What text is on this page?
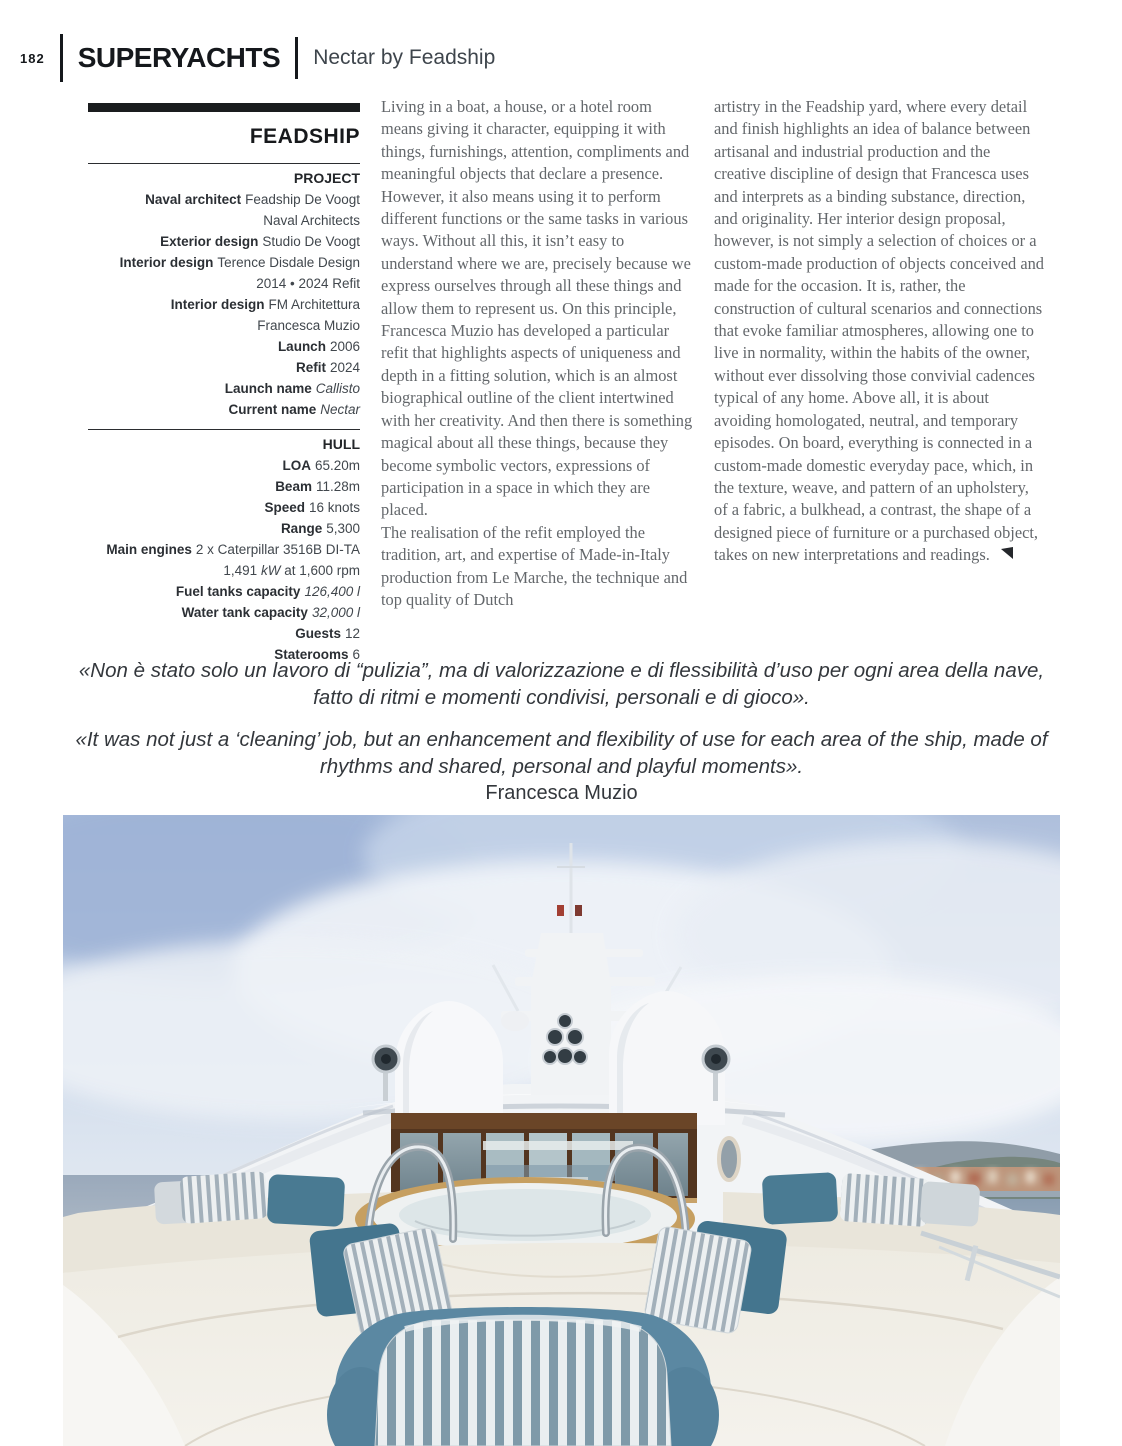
182 SUPERYACHTS Nectar by Feadship
FEADSHIP
PROJECT
Naval architect Feadship De Voogt
Naval Architects
Exterior design Studio De Voogt
Interior design Terence Disdale Design
2014 • 2024 Refit
Interior design FM Architettura
Francesca Muzio
Launch 2006
Refit 2024
Launch name Callisto
Current name Nectar
HULL
LOA 65.20m
Beam 11.28m
Speed 16 knots
Range 5,300
Main engines 2 x Caterpillar 3516B DI-TA
1,491 kW at 1,600 rpm
Fuel tanks capacity 126,400 l
Water tank capacity 32,000 l
Guests 12
Staterooms 6

Living in a boat, a house, or a hotel room means giving it character, equipping it with things, furnishings, attention, compliments and meaningful objects that declare a presence. However, it also means using it to perform different functions or the same tasks in various ways. Without all this, it isn’t easy to understand where we are, precisely because we express ourselves through all these things and allow them to represent us. On this principle, Francesca Muzio has developed a particular refit that highlights aspects of uniqueness and depth in a fitting solution, which is an almost biographical outline of the client intertwined with her creativity. And then there is something magical about all these things, because they become symbolic vectors, expressions of participation in a space in which they are placed.

The realisation of the refit employed the tradition, art, and expertise of Made-in-Italy production from Le Marche, the technique and top quality of Dutch

artistry in the Feadship yard, where every detail and finish highlights an idea of balance between artisanal and industrial production and the creative discipline of design that Francesca uses and interprets as a binding substance, direction, and originality. Her interior design proposal, however, is not simply a selection of choices or a custom-made production of objects conceived and made for the occasion. It is, rather, the construction of cultural scenarios and connections that evoke familiar atmospheres, allowing one to live in normality, within the habits of the owner, without ever dissolving those convivial cadences typical of any home. Above all, it is about avoiding homologated, neutral, and temporary episodes. On board, everything is connected in a custom-made domestic everyday pace, which, in the texture, weave, and pattern of an upholstery, of a fabric, a bulkhead, a contrast, the shape of a designed piece of furniture or a purchased object, takes on new interpretations and readings.

«Non è stato solo un lavoro di “pulizia”, ma di valorizzazione e di flessibilità d’uso per ogni area della nave, fatto di ritmi e momenti condivisi, personali e di gioco».

«It was not just a ‘cleaning’ job, but an enhancement and flexibility of use for each area of the ship, made of rhythms and shared, personal and playful moments».

Francesca Muzio
